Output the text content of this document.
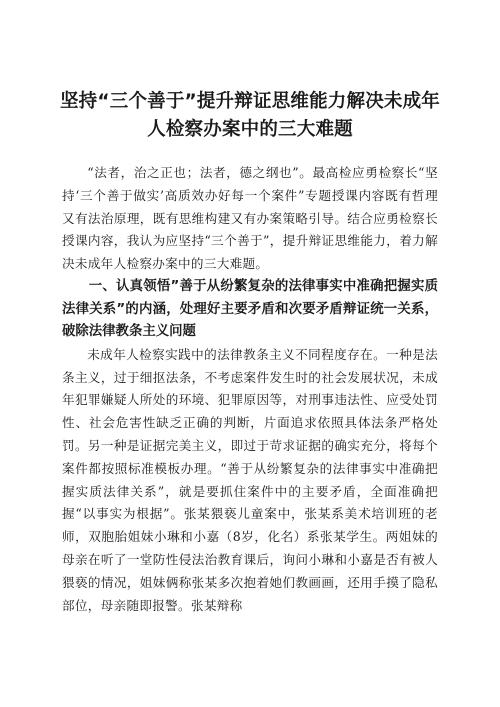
坚持“三个善于”提升辩证思维能力解决未成年
人检察办案中的三大难题

“法者，治之正也；法者，德之纲也”。最高检应勇检察长“坚持‘三个善于做实’高质效办好每一个案件”专题授课内容既有哲理又有法治原理，既有思维构建又有办案策略引导。结合应勇检察长授课内容，我认为应坚持“三个善于”，提升辩证思维能力，着力解决未成年人检察办案中的三大难题。

一、认真领悟”善于从纷繁复杂的法律事实中准确把握实质法律关系”的内涵，处理好主要矛盾和次要矛盾辩证统一关系，破除法律教条主义问题

未成年人检察实践中的法律教条主义不同程度存在。一种是法条主义，过于细抠法条，不考虑案件发生时的社会发展状况，未成年犯罪嫌疑人所处的环境、犯罪原因等，对刑事违法性、应受处罚性、社会危害性缺乏正确的判断，片面追求依照具体法条严格处罚。另一种是证据完美主义，即过于苛求证据的确实充分，将每个案件都按照标准模板办理。“善于从纷繁复杂的法律事实中准确把握实质法律关系”，就是要抓住案件中的主要矛盾，全面准确把握“以事实为根据”。张某猥亵儿童案中，张某系美术培训班的老师，双胞胎姐妹小琳和小嘉（8岁，化名）系张某学生。两姐妹的母亲在听了一堂防性侵法治教育课后，询问小琳和小嘉是否有被人猥亵的情况，姐妹俩称张某多次抱着她们教画画，还用手摸了隐私部位，母亲随即报警。张某辩称
